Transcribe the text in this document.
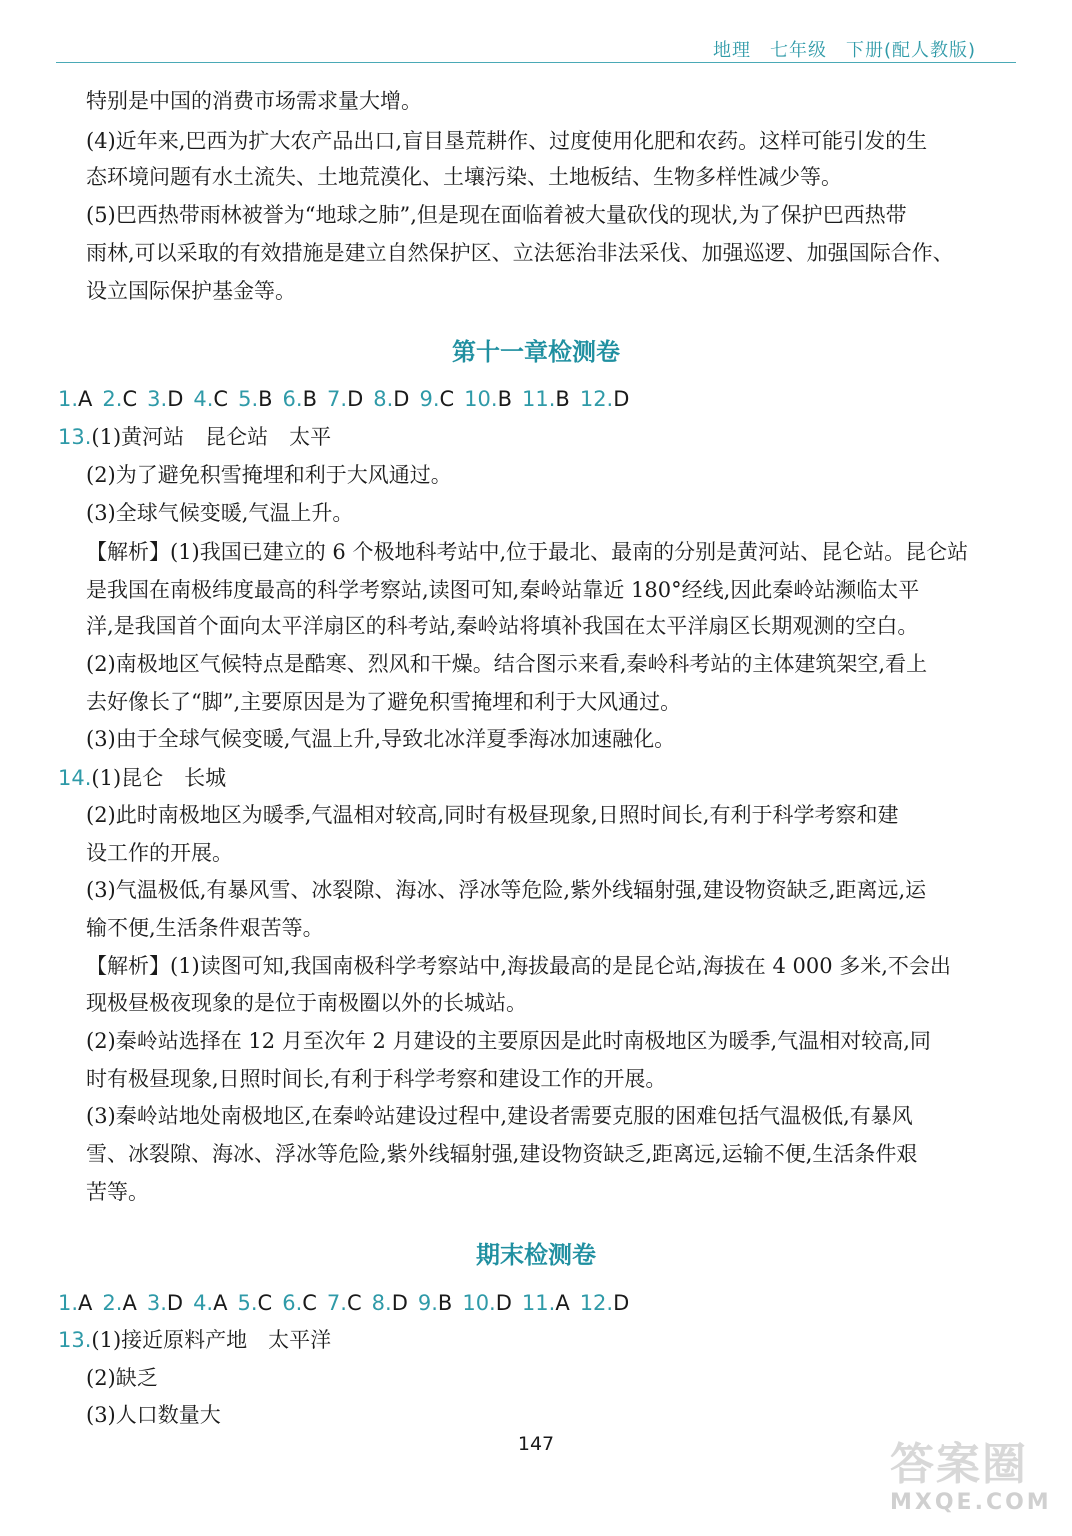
地理　七年级　下册(配人教版)
特别是中国的消费市场需求量大增。
(4)近年来,巴西为扩大农产品出口,盲目垦荒耕作、过度使用化肥和农药。这样可能引发的生
态环境问题有水土流失、土地荒漠化、土壤污染、土地板结、生物多样性减少等。
(5)巴西热带雨林被誉为“地球之肺”,但是现在面临着被大量砍伐的现状,为了保护巴西热带
雨林,可以采取的有效措施是建立自然保护区、立法惩治非法采伐、加强巡逻、加强国际合作、
设立国际保护基金等。
第十一章检测卷
1.A 2.C 3.D 4.C 5.B 6.B 7.D 8.D 9.C 10.B 11.B 12.D
13.(1)黄河站　昆仑站　太平
(2)为了避免积雪掩埋和利于大风通过。
(3)全球气候变暖,气温上升。
【解析】(1)我国已建立的 6 个极地科考站中,位于最北、最南的分别是黄河站、昆仑站。昆仑站
是我国在南极纬度最高的科学考察站,读图可知,秦岭站靠近 180°经线,因此秦岭站濒临太平
洋,是我国首个面向太平洋扇区的科考站,秦岭站将填补我国在太平洋扇区长期观测的空白。
(2)南极地区气候特点是酷寒、烈风和干燥。结合图示来看,秦岭科考站的主体建筑架空,看上
去好像长了“脚”,主要原因是为了避免积雪掩埋和利于大风通过。
(3)由于全球气候变暖,气温上升,导致北冰洋夏季海冰加速融化。
14.(1)昆仑　长城
(2)此时南极地区为暖季,气温相对较高,同时有极昼现象,日照时间长,有利于科学考察和建
设工作的开展。
(3)气温极低,有暴风雪、冰裂隙、海冰、浮冰等危险,紫外线辐射强,建设物资缺乏,距离远,运
输不便,生活条件艰苦等。
【解析】(1)读图可知,我国南极科学考察站中,海拔最高的是昆仑站,海拔在 4 000 多米,不会出
现极昼极夜现象的是位于南极圈以外的长城站。
(2)秦岭站选择在 12 月至次年 2 月建设的主要原因是此时南极地区为暖季,气温相对较高,同
时有极昼现象,日照时间长,有利于科学考察和建设工作的开展。
(3)秦岭站地处南极地区,在秦岭站建设过程中,建设者需要克服的困难包括气温极低,有暴风
雪、冰裂隙、海冰、浮冰等危险,紫外线辐射强,建设物资缺乏,距离远,运输不便,生活条件艰
苦等。
期末检测卷
1.A 2.A 3.D 4.A 5.C 6.C 7.C 8.D 9.B 10.D 11.A 12.D
13.(1)接近原料产地　太平洋
(2)缺乏
(3)人口数量大
147	答案圈
MXQE.COM
